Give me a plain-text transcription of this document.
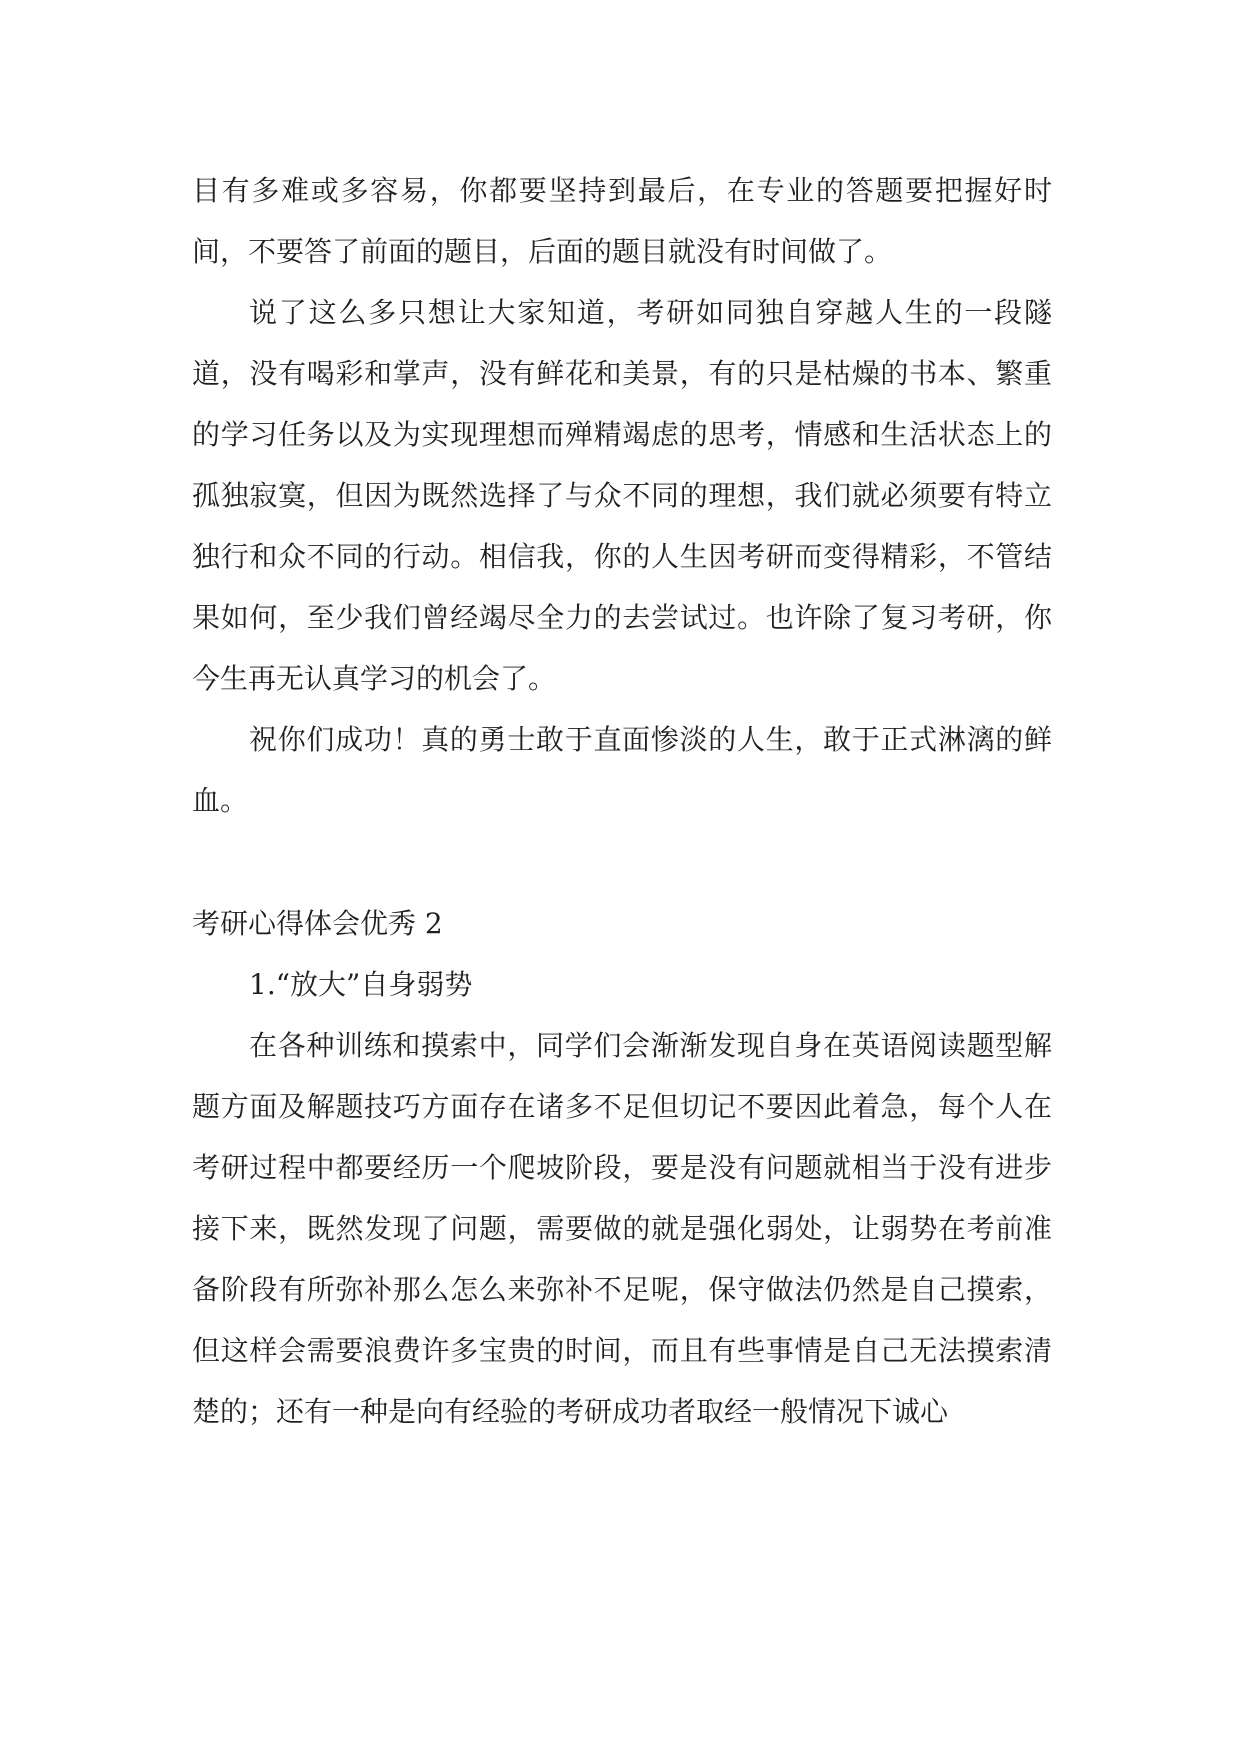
目有多难或多容易，你都要坚持到最后，在专业的答题要把握好时间，不要答了前面的题目，后面的题目就没有时间做了。

说了这么多只想让大家知道，考研如同独自穿越人生的一段隧道，没有喝彩和掌声，没有鲜花和美景，有的只是枯燥的书本、繁重的学习任务以及为实现理想而殚精竭虑的思考，情感和生活状态上的孤独寂寞，但因为既然选择了与众不同的理想，我们就必须要有特立独行和众不同的行动。相信我，你的人生因考研而变得精彩，不管结果如何，至少我们曾经竭尽全力的去尝试过。也许除了复习考研，你今生再无认真学习的机会了。

祝你们成功！真的勇士敢于直面惨淡的人生，敢于正式淋漓的鲜血。

考研心得体会优秀 2
1.“放大”自身弱势

在各种训练和摸索中，同学们会渐渐发现自身在英语阅读题型解题方面及解题技巧方面存在诸多不足但切记不要因此着急，每个人在考研过程中都要经历一个爬坡阶段，要是没有问题就相当于没有进步接下来，既然发现了问题，需要做的就是强化弱处，让弱势在考前准备阶段有所弥补那么怎么来弥补不足呢，保守做法仍然是自己摸索，但这样会需要浪费许多宝贵的时间，而且有些事情是自己无法摸索清楚的；还有一种是向有经验的考研成功者取经一般情况下诚心
